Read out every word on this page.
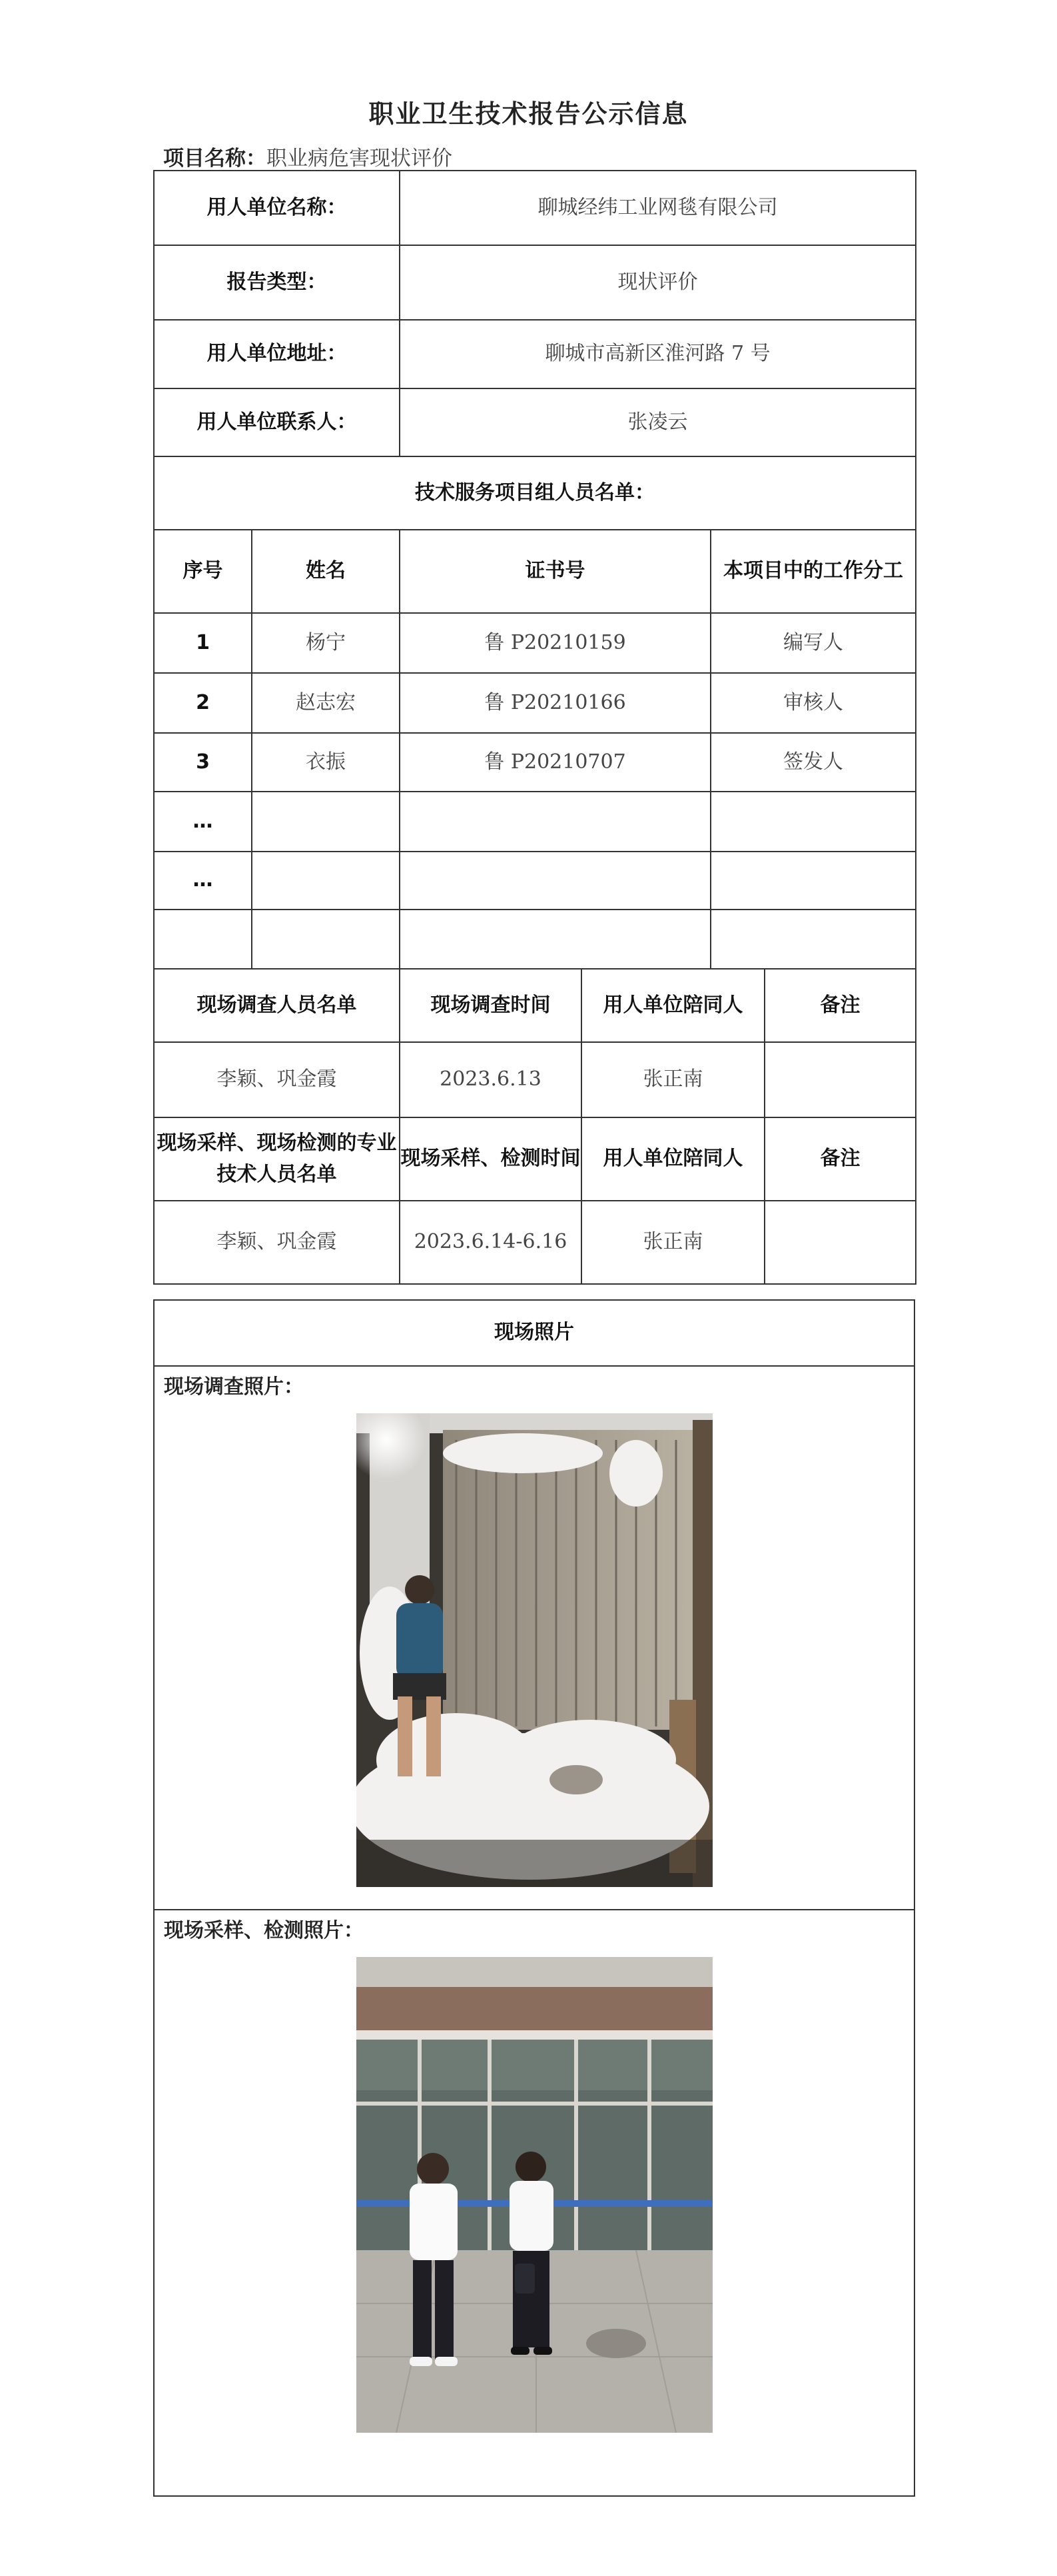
职业卫生技术报告公示信息
项目名称：职业病危害现状评价
用人单位名称：		聊城经纬工业网毯有限公司			
报告类型：		现状评价			
用人单位地址：		聊城市高新区淮河路 7 号			
用人单位联系人：		张凌云			
技术服务项目组人员名单：					
序号	姓名	证书号		本项目中的工作分工	
1	杨宁	鲁 P20210159		编写人	
2	赵志宏	鲁 P20210166		审核人	
3	衣振	鲁 P20210707		签发人	
…					
…					

现场调查人员名单		现场调查时间	用人单位陪同人		备注
李颖、巩金霞		2023.6.13	张正南		
现场采样、现场检测的专业技术人员名单		现场采样、检测时间	用人单位陪同人		备注
李颖、巩金霞		2023.6.14-6.16	张正南		
现场照片

现场调查照片：

现场采样、检测照片：
